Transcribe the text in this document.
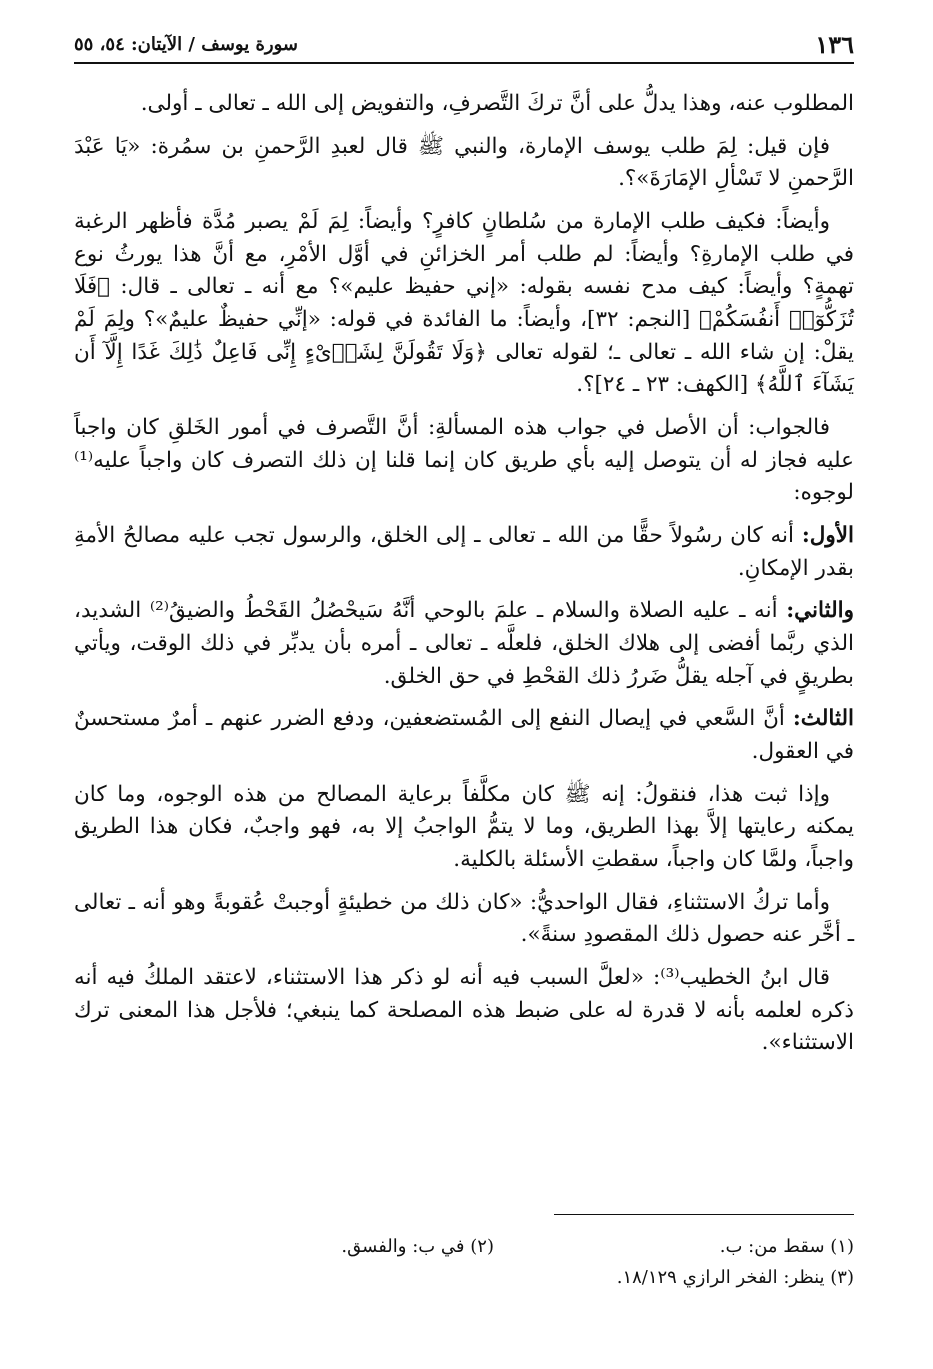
١٣٦
سورة يوسف / الآيتان: ٥٤، ٥٥

المطلوب عنه، وهذا يدلُّ على أنَّ تركَ التَّصرفِ، والتفويض إلى الله ـ تعالى ـ أولى.

فإن قيل: لِمَ طلب يوسف الإمارة، والنبي ﷺ قال لعبدِ الرَّحمنِ بن سمُرة: «يَا عَبْدَ الرَّحمنِ لا تَسْألِ الإمَارَةَ»؟.

وأيضاً: فكيف طلب الإمارة من سُلطانٍ كافرٍ؟ وأيضاً: لِمَ لَمْ يصبر مُدَّة فأظهر الرغبة في طلب الإمارةِ؟ وأيضاً: لم طلب أمر الخزائنِ في أوَّل الأمْرِ، مع أنَّ هذا يورثُ نوع تهمةٍ؟ وأيضاً: كيف مدح نفسه بقوله: «إني حفيظ عليم»؟ مع أنه ـ تعالى ـ قال: ﴿فَلَا تُزَكُّوٓا۟ أَنفُسَكُمْ﴾ [النجم: ٣٢]، وأيضاً: ما الفائدة في قوله: «إنِّي حفيظٌ عليمٌ»؟ ولِمَ لَمْ يقلْ: إن شاء الله ـ تعالى ـ؛ لقوله تعالى ﴿وَلَا تَقُولَنَّ لِشَا۟ىْءٍ إِنِّى فَاعِلٌ ذَٰلِكَ غَدًا إِلَّآ أَن يَشَآءَ ٱللَّهُ﴾ [الكهف: ٢٣ ـ ٢٤]؟.

فالجواب: أن الأصل في جواب هذه المسألةِ: أنَّ التَّصرف في أمور الخَلقِ كان واجباً عليه فجاز له أن يتوصل إليه بأي طريق كان إنما قلنا إن ذلك التصرف كان واجباً عليه⁽¹⁾ لوجوه:

الأول: أنه كان رسُولاً حقًّا من الله ـ تعالى ـ إلى الخلق، والرسول تجب عليه مصالحُ الأمةِ بقدر الإمكانِ.

والثاني: أنه ـ عليه الصلاة والسلام ـ علمَ بالوحي أنَّهُ سَيحْصُلُ القَحْطُ والضيقُ⁽²⁾ الشديد، الذي ربَّما أفضى إلى هلاك الخلق، فلعلَّه ـ تعالى ـ أمره بأن يدبِّر في ذلك الوقت، ويأتي بطريقٍ في آجله يقلُّ ضَررُ ذلك القحْطِ في حق الخلق.

الثالث: أنَّ السَّعي في إيصال النفع إلى المُستضعفين، ودفع الضرر عنهم ـ أمرٌ مستحسنٌ في العقول.

وإذا ثبت هذا، فنقولُ: إنه ﷺ كان مكلَّفاً برعاية المصالح من هذه الوجوه، وما كان يمكنه رعايتها إلاَّ بهذا الطريق، وما لا يتمُّ الواجبُ إلا به، فهو واجبٌ، فكان هذا الطريق واجباً، ولمَّا كان واجباً، سقطتِ الأسئلة بالكلية.

وأما تركُ الاستثناءِ، فقال الواحديُّ: «كان ذلك من خطيئةٍ أوجبتْ عُقوبةً وهو أنه ـ تعالى ـ أخَّر عنه حصول ذلك المقصودِ سنةً».

قال ابنُ الخطيب⁽³⁾: «لعلَّ السبب فيه أنه لو ذكر هذا الاستثناء، لاعتقد الملكُ فيه أنه ذكره لعلمه بأنه لا قدرة له على ضبط هذه المصلحة كما ينبغي؛ فلأجل هذا المعنى ترك الاستثناء».

(١) سقط من: ب.
(٢) في ب: والفسق.
(٣) ينظر: الفخر الرازي ١٨/١٢٩.
